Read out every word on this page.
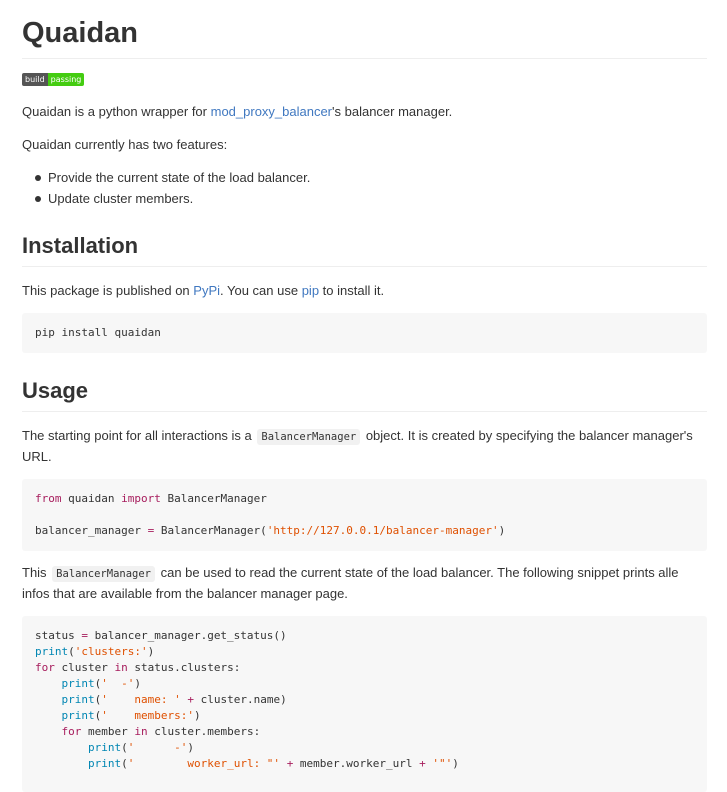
Quaidan
build passing

Quaidan is a python wrapper for mod_proxy_balancer's balancer manager.

Quaidan currently has two features:

Provide the current state of the load balancer.
Update cluster members.
Installation

This package is published on PyPi. You can use pip to install it.

pip install quaidan
Usage

The starting point for all interactions is a BalancerManager object. It is created by specifying the balancer manager's URL.

from quaidan import BalancerManager

balancer_manager = BalancerManager('http://127.0.0.1/balancer-manager')

This BalancerManager can be used to read the current state of the load balancer. The following snippet prints alle infos that are available from the balancer manager page.

status = balancer_manager.get_status()
print('clusters:')
for cluster in status.clusters:
print('  -')
print('    name: ' + cluster.name)
print('    members:')
for member in cluster.members:
print('      -')
print('        worker_url: "' + member.worker_url + '"')
